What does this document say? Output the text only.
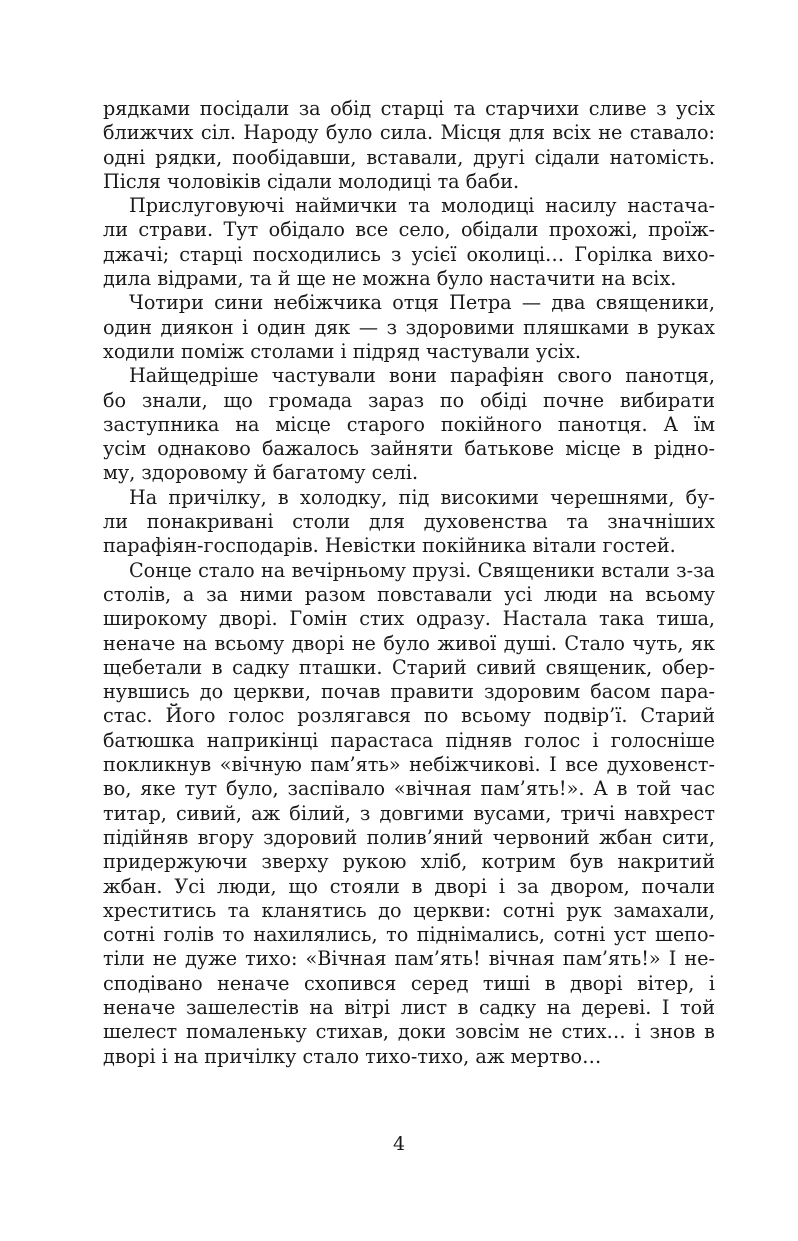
рядками посідали за обід старці та старчихи сливе з усіх
ближчих сіл. Народу було сила. Місця для всіх не ставало:
одні рядки, пообідавши, вставали, другі сідали натомість.
Після чоловіків сідали молодиці та баби.
Прислуговуючі наймички та молодиці насилу настача-
ли страви. Тут обідало все село, обідали прохожі, проїж-
джачі; старці посходились з усієї околиці… Горілка вихо-
дила відрами, та й ще не можна було настачити на всіх.
Чотири сини небіжчика отця Петра — два священики,
один диякон і один дяк — з здоровими пляшками в руках
ходили поміж столами і підряд частували усіх.
Найщедріше частували вони парафіян свого панотця,
бо знали, що громада зараз по обіді почне вибирати
заступника на місце старого покійного панотця. А їм
усім однаково бажалось зайняти батькове місце в рідно-
му, здоровому й багатому селі.
На причілку, в холодку, під високими черешнями, бу-
ли понакривані столи для духовенства та значніших
парафіян-господарів. Невістки покійника вітали гостей.
Сонце стало на вечірньому прузі. Священики встали з-за
столів, а за ними разом повставали усі люди на всьому
широкому дворі. Гомін стих одразу. Настала така тиша,
неначе на всьому дворі не було живої душі. Стало чуть, як
щебетали в садку пташки. Старий сивий священик, обер-
нувшись до церкви, почав правити здоровим басом пара-
стас. Його голос розлягався по всьому подвір’ї. Старий
батюшка наприкінці парастаса підняв голос і голосніше
покликнув «вічную пам’ять» небіжчикові. І все духовенст-
во, яке тут було, заспівало «вічная пам’ять!». А в той час
титар, сивий, аж білий, з довгими вусами, тричі навхрест
підійняв вгору здоровий полив’яний червоний жбан сити,
придержуючи зверху рукою хліб, котрим був накритий
жбан. Усі люди, що стояли в дворі і за двором, почали
хреститись та кланятись до церкви: сотні рук замахали,
сотні голів то нахилялись, то піднімались, сотні уст шепо-
тіли не дуже тихо: «Вічная пам’ять! вічная пам’ять!» І не-
сподівано неначе схопився серед тиші в дворі вітер, і
неначе зашелестів на вітрі лист в садку на дереві. І той
шелест помаленьку стихав, доки зовсім не стих… і знов в
дворі і на причілку стало тихо-тихо, аж мертво…
4
